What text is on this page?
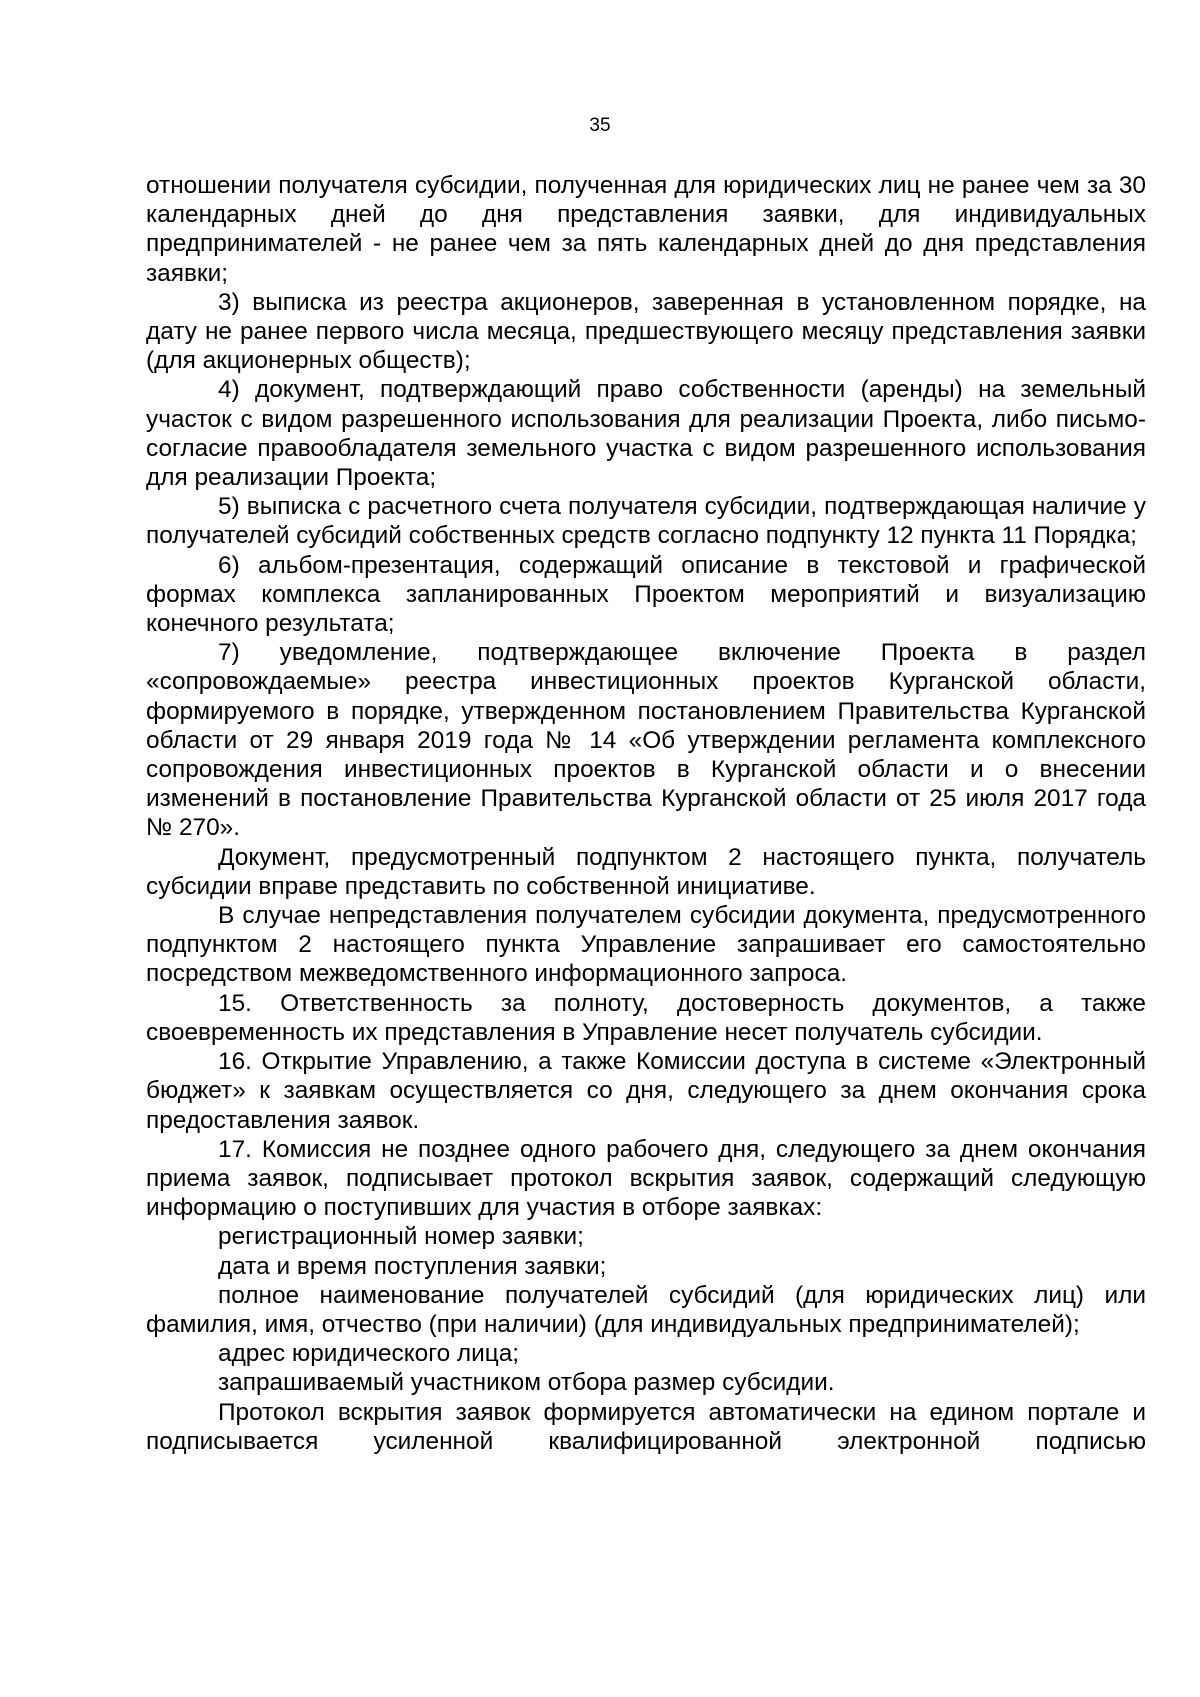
35

отношении получателя субсидии, полученная для юридических лиц не ранее чем за 30 календарных дней до дня представления заявки, для индивидуальных предпринимателей - не ранее чем за пять календарных дней до дня представления заявки;

3) выписка из реестра акционеров, заверенная в установленном порядке, на дату не ранее первого числа месяца, предшествующего месяцу представления заявки (для акционерных обществ);

4) документ, подтверждающий право собственности (аренды) на земельный участок с видом разрешенного использования для реализации Проекта, либо письмо-согласие правообладателя земельного участка с видом разрешенного использования для реализации Проекта;

5) выписка с расчетного счета получателя субсидии, подтверждающая наличие у получателей субсидий собственных средств согласно подпункту 12 пункта 11 Порядка;

6) альбом-презентация, содержащий описание в текстовой и графической формах комплекса запланированных Проектом мероприятий и визуализацию конечного результата;

7) уведомление, подтверждающее включение Проекта в раздел «сопровождаемые» реестра инвестиционных проектов Курганской области, формируемого в порядке, утвержденном постановлением Правительства Курганской области от 29 января 2019 года № 14 «Об утверждении регламента комплексного сопровождения инвестиционных проектов в Курганской области и о внесении изменений в постановление Правительства Курганской области от 25 июля 2017 года № 270».

Документ, предусмотренный подпунктом 2 настоящего пункта, получатель субсидии вправе представить по собственной инициативе.

В случае непредставления получателем субсидии документа, предусмотренного подпунктом 2 настоящего пункта Управление запрашивает его самостоятельно посредством межведомственного информационного запроса.

15. Ответственность за полноту, достоверность документов, а также своевременность их представления в Управление несет получатель субсидии.

16. Открытие Управлению, а также Комиссии доступа в системе «Электронный бюджет» к заявкам осуществляется со дня, следующего за днем окончания срока предоставления заявок.

17. Комиссия не позднее одного рабочего дня, следующего за днем окончания приема заявок, подписывает протокол вскрытия заявок, содержащий следующую информацию о поступивших для участия в отборе заявках:

регистрационный номер заявки;

дата и время поступления заявки;

полное наименование получателей субсидий (для юридических лиц) или фамилия, имя, отчество (при наличии) (для индивидуальных предпринимателей);

адрес юридического лица;

запрашиваемый участником отбора размер субсидии.

Протокол вскрытия заявок формируется автоматически на едином портале и подписывается усиленной квалифицированной электронной подписью
